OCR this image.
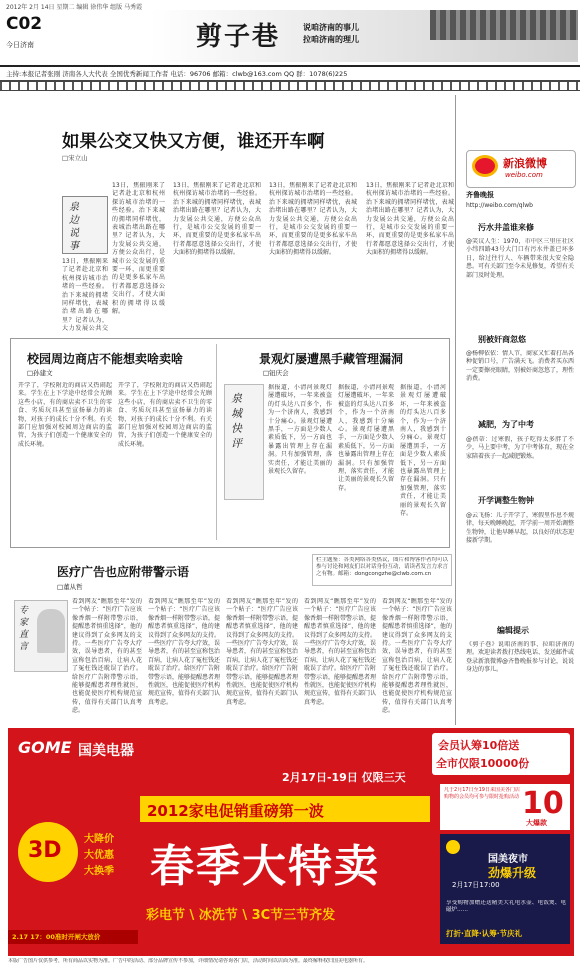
2012年 2月 14日 星期二 编辑 徐伟华 组版 马秀霞
C02
今日济南	剪子巷	说咱济南的事儿
拉咱济南的理儿
主持:本报记者张刚 济南各人大代表 全国优秀新闻工作者 电话：96706 邮箱：clwb@163.com QQ 群：1078(6)225
如果公交又快又方便，谁还开车啊
□宋立山
泉边说事
13日，焦振刚来了记者赴北京和杭州探访城市治堵的一些经验。治下来城的拥堵同样堵忧，表城治堵出路在哪里？记者认为，大力发展公共交通，方便公众出行，是城市公交发展的重要一环，而更重要的是更多私家车出行者都愿意选择公交出行，才使大面积的拥堵得以缓解。
13日，焦振刚来了记者赴北京和杭州探访城市治堵的一些经验。治下来城的拥堵同样堵忧，表城治堵出路在哪里？记者认为，大力发展公共交
13日，焦振刚来了记者赴北京和杭州探访城市治堵的一些经验。治下来城的拥堵同样堵忧，表城治堵出路在哪里？记者认为，大力发展公共交通，方便公众出行，是城市公交发展的重要一环，而更重要的是更多私家车出行者都愿意选择公交出行，才使大面积的拥堵得以缓解。
13日，焦振刚来了记者赴北京和杭州探访城市治堵的一些经验。治下来城的拥堵同样堵忧，表城治堵出路在哪里？记者认为，大力发展公共交通，方便公众出行，是城市公交发展的重要一环，而更重要的是更多私家车出行者都愿意选择公交出行，才使大面积的拥堵得以缓解。
13日，焦振刚来了记者赴北京和杭州探访城市治堵的一些经验。治下来城的拥堵同样堵忧，表城治堵出路在哪里？记者认为，大力发展公共交通，方便公众出行，是城市公交发展的重要一环，而更重要的是更多私家车出行者都愿意选择公交出行，才使大面积的拥堵得以缓解。
新浪微博
weibo.com
齐鲁晚报
http://weibo.com/qlwb
污水井盖谁来修
@笑议人生：1970，市中区三里庄社区小纬四路43号大门口有污水井盖已坏多日，给过往行人、车辆带来很大安全隐患。可有关部门至今未见修复，希望有关部门及时处理。
别被奸商忽悠
@杨柳依依：情人节，商家又忙着打出各种促销口号，广告满天飞。消费者买东西一定要擦亮眼睛，别被奸商忽悠了，理性消费。
减肥，为了中考
@蓓蒂：过寒假，孩子吃得太多胖了不少，马上要中考，为了中考体育，现在全家陪着孩子一起减肥锻炼。
开学调整生物钟
@云飞扬：儿子开学了，寒假里作息不规律，每天晚睡晚起，开学前一周开始调整生物钟，让他早睡早起，以良好的状态迎接新学期。
编辑提示
《剪子巷》说咱济南的事、拉咱济南的理。欢迎读者拨打热线电话、发送邮件或登录新浪微博@齐鲁晚报参与讨论，说说身边的事儿。
校园周边商店不能想卖啥卖啥
□孙建文
开学了，学校附近的商店又热闹起来。学生在上下学途中经常会光顾这些小店，有的商店卖不卫生的零食、劣质玩具甚至宣扬暴力的读物，对孩子的成长十分不利。有关部门应加强对校园周边商店的监管，为孩子们创造一个健康安全的成长环境。
开学了，学校附近的商店又热闹起来。学生在上下学途中经常会光顾这些小店，有的商店卖不卫生的零食、劣质玩具甚至宣扬暴力的读物，对孩子的成长十分不利。有关部门应加强对校园周边商店的监管，为孩子们创造一个健康安全的成长环境。
景观灯屡遭黑手藏管理漏洞
□钮庆会
泉城快评
据报道，小清河景观灯屡遭破坏，一年来被盗的灯头达八百多个，作为一个济南人，我感到十分痛心。景观灯屡遭黑手，一方面是少数人素质低下，另一方面也暴露出管理上存在漏洞。只有加强管理，落实责任，才能让美丽的景观长久留存。
据报道，小清河景观灯屡遭破坏，一年来被盗的灯头达八百多个，作为一个济南人，我感到十分痛心。景观灯屡遭黑手，一方面是少数人素质低下，另一方面也暴露出管理上存在漏洞。只有加强管理，落实责任，才能让美丽的景观长久留存。
据报道，小清河景观灯屡遭破坏，一年来被盗的灯头达八百多个，作为一个济南人，我感到十分痛心。景观灯屡遭黑手，一方面是少数人素质低下，另一方面也暴露出管理上存在漏洞。只有加强管理，落实责任，才能让美丽的景观长久留存。
栏主题鉴：各类网络各类热议，图片和博客作者均可以参与讨论和网友们以对话身份互动，请读者发言力求言之有物。邮箱：dongcongzhe@clwb.com.cn
医疗广告也应附带警示语
□董从哲
专家直言
看到网友“瞧那至年”发的一个帖子：“医疗广告应该像香烟一样附带警示语，提醒患者慎重选择”，他的建议得到了众多网友的支持。一些医疗广告夸大疗效，误导患者，有的甚至宣称包治百病，让病人花了冤枉钱还耽误了治疗。给医疗广告附带警示语，能够提醒患者理性就医，也能促使医疗机构规范宣传，值得有关部门认真考虑。
看到网友“瞧那至年”发的一个帖子：“医疗广告应该像香烟一样附带警示语，提醒患者慎重选择”，他的建议得到了众多网友的支持。一些医疗广告夸大疗效，误导患者，有的甚至宣称包治百病，让病人花了冤枉钱还耽误了治疗。给医疗广告附带警示语，能够提醒患者理性就医，也能促使医疗机构规范宣传，值得有关部门认真考虑。
看到网友“瞧那至年”发的一个帖子：“医疗广告应该像香烟一样附带警示语，提醒患者慎重选择”，他的建议得到了众多网友的支持。一些医疗广告夸大疗效，误导患者，有的甚至宣称包治百病，让病人花了冤枉钱还耽误了治疗。给医疗广告附带警示语，能够提醒患者理性就医，也能促使医疗机构规范宣传，值得有关部门认真考虑。
看到网友“瞧那至年”发的一个帖子：“医疗广告应该像香烟一样附带警示语，提醒患者慎重选择”，他的建议得到了众多网友的支持。一些医疗广告夸大疗效，误导患者，有的甚至宣称包治百病，让病人花了冤枉钱还耽误了治疗。给医疗广告附带警示语，能够提醒患者理性就医，也能促使医疗机构规范宣传，值得有关部门认真考虑。
看到网友“瞧那至年”发的一个帖子：“医疗广告应该像香烟一样附带警示语，提醒患者慎重选择”，他的建议得到了众多网友的支持。一些医疗广告夸大疗效，误导患者，有的甚至宣称包治百病，让病人花了冤枉钱还耽误了治疗。给医疗广告附带警示语，能够提醒患者理性就医，也能促使医疗机构规范宣传，值得有关部门认真考虑。
GOME 国美电器
2月17日-19日 仅限三天
会员认筹10倍送
全市仅限10000份
2012家电促销重磅第一波
3D 大降价
大优惠
大换季 春季大特卖
彩电节 \ 冰洗节 \ 3C节三节齐发
2.17 17：00准时开闸大放价
10
大爆款
凡于2月17日至19日来国美各门店购物的会员均可参与限时抢购活动
国美夜市
劲爆升级
2月17日17:00
享受购物加赠还送精美大礼电水壶、电饭煲、电磁炉……
打折·直降·认筹·节庆礼
本版广告图片仅供参考，所有商品以实物为准。广告中的活动、部分品牌宣传不参加，详细情况请咨询各门店，活动时间以店面为准。最终解释权归国美电器所有。
